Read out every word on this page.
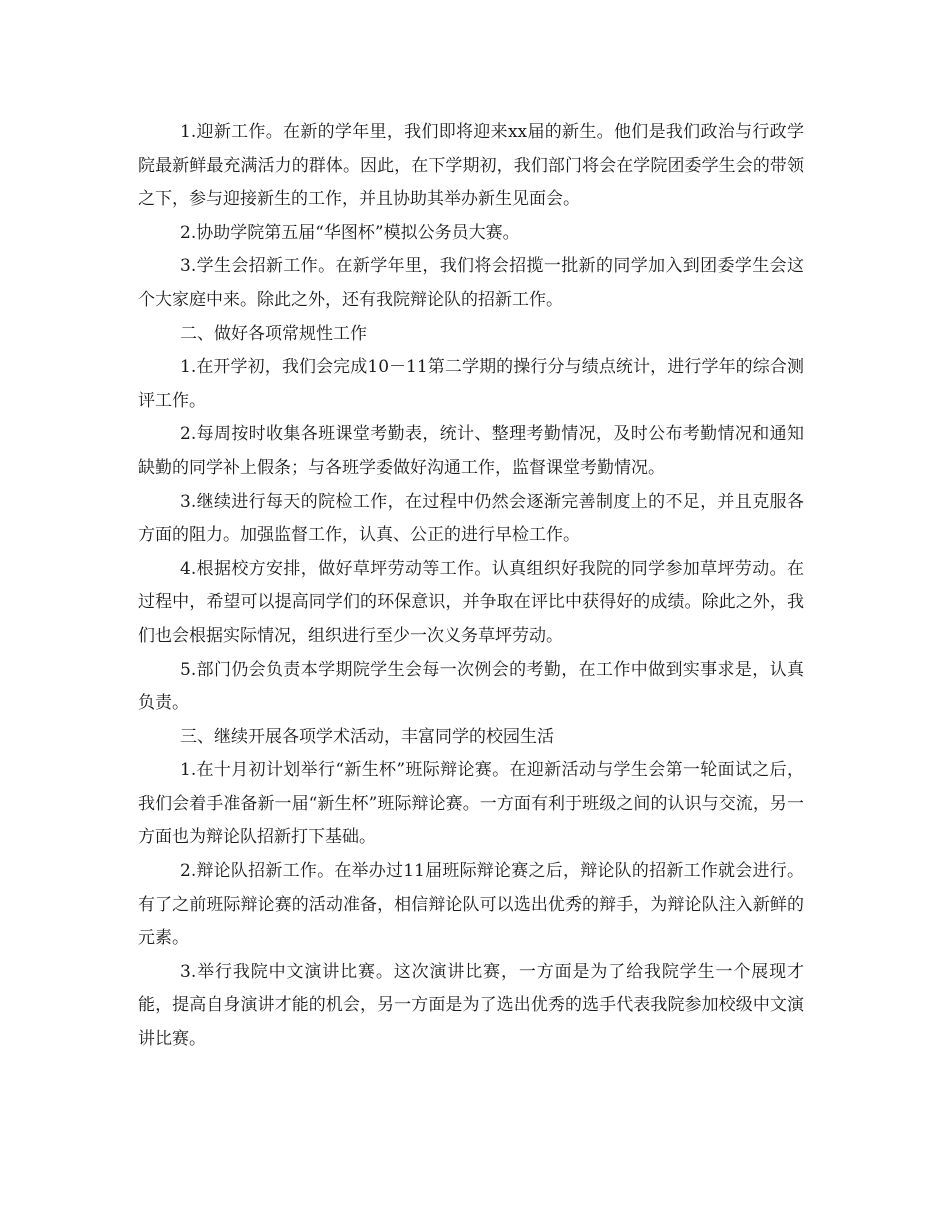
1.迎新工作。在新的学年里，我们即将迎来xx届的新生。他们是我们政治与行政学院最新鲜最充满活力的群体。因此，在下学期初，我们部门将会在学院团委学生会的带领之下，参与迎接新生的工作，并且协助其举办新生见面会。

2.协助学院第五届“华图杯”模拟公务员大赛。

3.学生会招新工作。在新学年里，我们将会招揽一批新的同学加入到团委学生会这个大家庭中来。除此之外，还有我院辩论队的招新工作。

二、做好各项常规性工作

1.在开学初，我们会完成10－11第二学期的操行分与绩点统计，进行学年的综合测评工作。

2.每周按时收集各班课堂考勤表，统计、整理考勤情况，及时公布考勤情况和通知缺勤的同学补上假条；与各班学委做好沟通工作，监督课堂考勤情况。

3.继续进行每天的院检工作，在过程中仍然会逐渐完善制度上的不足，并且克服各方面的阻力。加强监督工作，认真、公正的进行早检工作。

4.根据校方安排，做好草坪劳动等工作。认真组织好我院的同学参加草坪劳动。在过程中，希望可以提高同学们的环保意识，并争取在评比中获得好的成绩。除此之外，我们也会根据实际情况，组织进行至少一次义务草坪劳动。

5.部门仍会负责本学期院学生会每一次例会的考勤，在工作中做到实事求是，认真负责。

三、继续开展各项学术活动，丰富同学的校园生活

1.在十月初计划举行“新生杯”班际辩论赛。在迎新活动与学生会第一轮面试之后，我们会着手准备新一届“新生杯”班际辩论赛。一方面有利于班级之间的认识与交流，另一方面也为辩论队招新打下基础。

2.辩论队招新工作。在举办过11届班际辩论赛之后，辩论队的招新工作就会进行。有了之前班际辩论赛的活动准备，相信辩论队可以选出优秀的辩手，为辩论队注入新鲜的元素。

3.举行我院中文演讲比赛。这次演讲比赛，一方面是为了给我院学生一个展现才能，提高自身演讲才能的机会，另一方面是为了选出优秀的选手代表我院参加校级中文演讲比赛。
